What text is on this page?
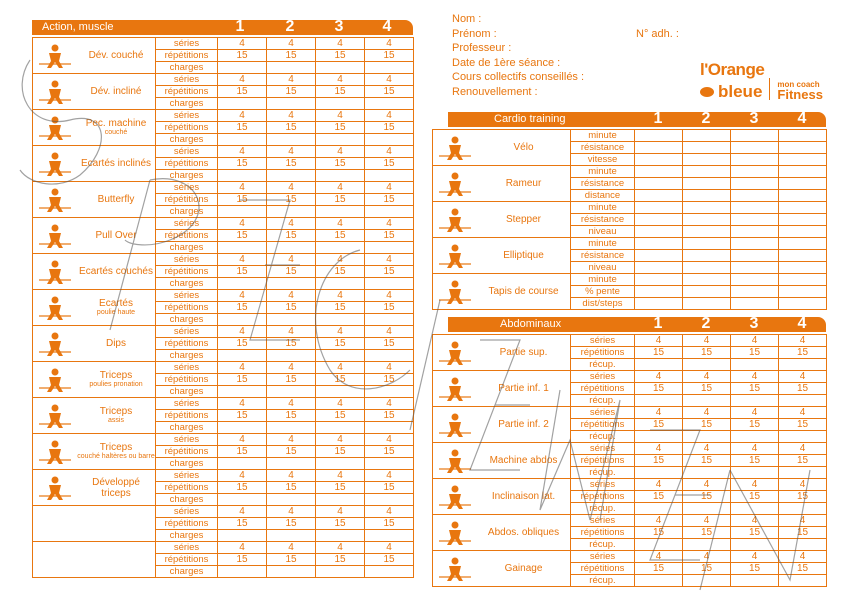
Action, muscle	1	2	3	4
Dév. couché	séries	4	4	4	4
	répétitions	15	15	15	15
	charges				

Dév. incliné	séries	4	4	4	4
	répétitions	15	15	15	15
	charges				

Pec. machine
couché	séries	4	4	4	4
	répétitions	15	15	15	15
	charges				

Ecartés inclinés	séries	4	4	4	4
	répétitions	15	15	15	15
	charges				

Butterfly	séries	4	4	4	4
	répétitions	15	15	15	15
	charges				

Pull Over	séries	4	4	4	4
	répétitions	15	15	15	15
	charges				

Ecartés couchés	séries	4	4	4	4
	répétitions	15	15	15	15
	charges				

Ecartés
poulie haute	séries	4	4	4	4
	répétitions	15	15	15	15
	charges				

Dips	séries	4	4	4	4
	répétitions	15	15	15	15
	charges				

Triceps
poulies pronation	séries	4	4	4	4
	répétitions	15	15	15	15
	charges				

Triceps
assis	séries	4	4	4	4
	répétitions	15	15	15	15
	charges				

Triceps
couché haltères ou barre	séries	4	4	4	4
	répétitions	15	15	15	15
	charges				

Développé triceps	séries	4	4	4	4
	répétitions	15	15	15	15
	charges				

	séries	4	4	4	4
	répétitions	15	15	15	15
	charges				

	séries	4	4	4	4
	répétitions	15	15	15	15
	charges				
Nom :
Prénom :	N° adh. :
Professeur :
Date de 1ère séance :
Cours collectifs conseillés :
Renouvellement :
l'Orange
bleue mon coach
Fitness
Cardio training	1	2	3	4
Vélo	minute				
	résistance				
	vitesse				

Rameur	minute				
	résistance				
	distance				

Stepper	minute				
	résistance				
	niveau				

Elliptique	minute				
	résistance				
	niveau				

Tapis de course	minute				
	% pente				
	dist/steps				
Abdominaux	1	2	3	4
Partie sup.	séries	4	4	4	4
	répétitions	15	15	15	15
	récup.				

Partie inf. 1	séries	4	4	4	4
	répétitions	15	15	15	15
	récup.				

Partie inf. 2	séries	4	4	4	4
	répétitions	15	15	15	15
	récup.				

Machine abdos	séries	4	4	4	4
	répétitions	15	15	15	15
	récup.				

Inclinaison lat.	séries	4	4	4	4
	répétitions	15	15	15	15
	récup.				

Abdos. obliques	séries	4	4	4	4
	répétitions	15	15	15	15
	récup.				

Gainage	séries	4	4	4	4
	répétitions	15	15	15	15
	récup.				
